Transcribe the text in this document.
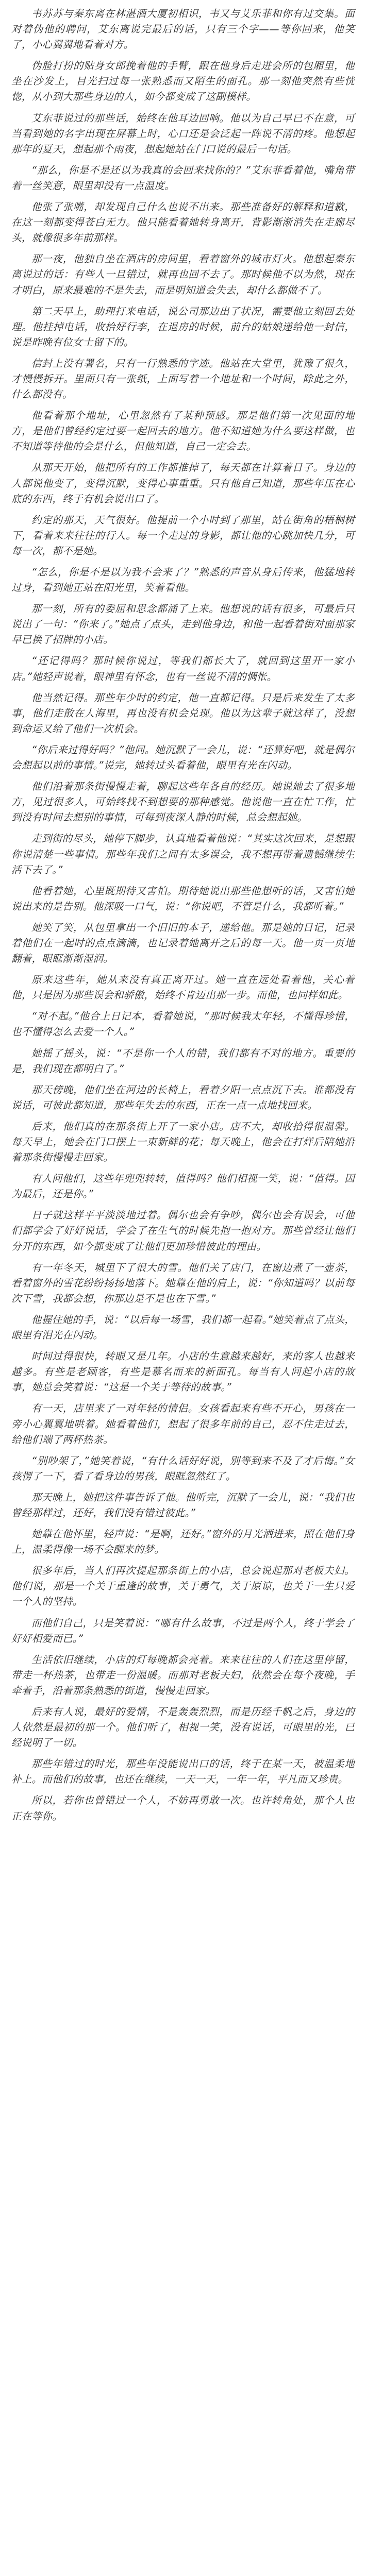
韦苏苏与秦东离在林湛酒大厦初相识，韦又与艾乐菲和你有过交集。面对着伪他的聘问，艾东离说完最后的话，只有三个字——等你回来，他笑了，小心翼翼地看着对方。

伪脸打扮的贴身女郎挽着他的手臂，跟在他身后走进会所的包厢里，他坐在沙发上，目光扫过每一张熟悉而又陌生的面孔。那一刻他突然有些恍惚，从小到大那些身边的人，如今都变成了这副模样。

艾东菲说过的那些话，始终在他耳边回响。他以为自己早已不在意，可当看到她的名字出现在屏幕上时，心口还是会泛起一阵说不清的疼。他想起那年的夏天，想起那个雨夜，想起她站在门口说的最后一句话。

“那么，你是不是还以为我真的会回来找你的？”艾东菲看着他，嘴角带着一丝笑意，眼里却没有一点温度。

他张了张嘴，却发现自己什么也说不出来。那些准备好的解释和道歉，在这一刻都变得苍白无力。他只能看着她转身离开，背影渐渐消失在走廊尽头，就像很多年前那样。

那一夜，他独自坐在酒店的房间里，看着窗外的城市灯火。他想起秦东离说过的话：有些人一旦错过，就再也回不去了。那时候他不以为然，现在才明白，原来最难的不是失去，而是明知道会失去，却什么都做不了。

第二天早上，助理打来电话，说公司那边出了状况，需要他立刻回去处理。他挂掉电话，收拾好行李，在退房的时候，前台的姑娘递给他一封信，说是昨晚有位女士留下的。

信封上没有署名，只有一行熟悉的字迹。他站在大堂里，犹豫了很久，才慢慢拆开。里面只有一张纸，上面写着一个地址和一个时间，除此之外，什么都没有。

他看着那个地址，心里忽然有了某种预感。那是他们第一次见面的地方，是他们曾经约定过要一起回去的地方。他不知道她为什么要这样做，也不知道等待他的会是什么，但他知道，自己一定会去。

从那天开始，他把所有的工作都推掉了，每天都在计算着日子。身边的人都说他变了，变得沉默，变得心事重重。只有他自己知道，那些年压在心底的东西，终于有机会说出口了。

约定的那天，天气很好。他提前一个小时到了那里，站在街角的梧桐树下，看着来来往往的行人。每一个走过的身影，都让他的心跳加快几分，可每一次，都不是她。

“怎么，你是不是以为我不会来了？”熟悉的声音从身后传来，他猛地转过身，看到她正站在阳光里，笑着看他。

那一刻，所有的委屈和思念都涌了上来。他想说的话有很多，可最后只说出了一句：“你来了。”她点了点头，走到他身边，和他一起看着街对面那家早已换了招牌的小店。

“还记得吗？那时候你说过，等我们都长大了，就回到这里开一家小店。”她轻声说着，眼神里有怀念，也有一丝说不清的惆怅。

他当然记得。那些年少时的约定，他一直都记得。只是后来发生了太多事，他们走散在人海里，再也没有机会兑现。他以为这辈子就这样了，没想到命运又给了他们一次机会。

“你后来过得好吗？”他问。她沉默了一会儿，说：“还算好吧，就是偶尔会想起以前的事情。”说完，她转过头看着他，眼里有光在闪动。

他们沿着那条街慢慢走着，聊起这些年各自的经历。她说她去了很多地方，见过很多人，可始终找不到想要的那种感觉。他说他一直在忙工作，忙到没有时间去想别的事情，可每到夜深人静的时候，总会想起她。

走到街的尽头，她停下脚步，认真地看着他说：“其实这次回来，是想跟你说清楚一些事情。那些年我们之间有太多误会，我不想再带着遗憾继续生活下去了。”

他看着她，心里既期待又害怕。期待她说出那些他想听的话，又害怕她说出来的是告别。他深吸一口气，说：“你说吧，不管是什么，我都听着。”

她笑了笑，从包里拿出一个旧旧的本子，递给他。那是她的日记，记录着他们在一起时的点点滴滴，也记录着她离开之后的每一天。他一页一页地翻着，眼眶渐渐湿润。

原来这些年，她从来没有真正离开过。她一直在远处看着他，关心着他，只是因为那些误会和骄傲，始终不肯迈出那一步。而他，也同样如此。

“对不起。”他合上日记本，看着她说，“那时候我太年轻，不懂得珍惜，也不懂得怎么去爱一个人。”

她摇了摇头，说：“不是你一个人的错，我们都有不对的地方。重要的是，我们现在都明白了。”

那天傍晚，他们坐在河边的长椅上，看着夕阳一点点沉下去。谁都没有说话，可彼此都知道，那些年失去的东西，正在一点一点地找回来。

后来，他们真的在那条街上开了一家小店。店不大，却收拾得很温馨。每天早上，她会在门口摆上一束新鲜的花；每天晚上，他会在打烊后陪她沿着那条街慢慢走回家。

有人问他们，这些年兜兜转转，值得吗？他们相视一笑，说：“值得。因为最后，还是你。”

日子就这样平平淡淡地过着。偶尔也会有争吵，偶尔也会有误会，可他们都学会了好好说话，学会了在生气的时候先抱一抱对方。那些曾经让他们分开的东西，如今都变成了让他们更加珍惜彼此的理由。

有一年冬天，城里下了很大的雪。他们关了店门，在窗边煮了一壶茶，看着窗外的雪花纷纷扬扬地落下。她靠在他的肩上，说：“你知道吗？以前每次下雪，我都会想，你那边是不是也在下雪。”

他握住她的手，说：“以后每一场雪，我们都一起看。”她笑着点了点头，眼里有泪光在闪动。

时间过得很快，转眼又是几年。小店的生意越来越好，来的客人也越来越多。有些是老顾客，有些是慕名而来的新面孔。每当有人问起小店的故事，她总会笑着说：“这是一个关于等待的故事。”

有一天，店里来了一对年轻的情侣。女孩看起来有些不开心，男孩在一旁小心翼翼地哄着。她看着他们，想起了很多年前的自己，忍不住走过去，给他们端了两杯热茶。

“别吵架了，”她笑着说，“有什么话好好说，别等到来不及了才后悔。”女孩愣了一下，看了看身边的男孩，眼眶忽然红了。

那天晚上，她把这件事告诉了他。他听完，沉默了一会儿，说：“我们也曾经那样过，还好，我们没有错过彼此。”

她靠在他怀里，轻声说：“是啊，还好。”窗外的月光洒进来，照在他们身上，温柔得像一场不会醒来的梦。

很多年后，当人们再次提起那条街上的小店，总会说起那对老板夫妇。他们说，那是一个关于重逢的故事，关于勇气，关于原谅，也关于一生只爱一个人的坚持。

而他们自己，只是笑着说：“哪有什么故事，不过是两个人，终于学会了好好相爱而已。”

生活依旧继续，小店的灯每晚都会亮着。来来往往的人们在这里停留，带走一杯热茶，也带走一份温暖。而那对老板夫妇，依然会在每个夜晚，手牵着手，沿着那条熟悉的街道，慢慢走回家。

后来有人说，最好的爱情，不是轰轰烈烈，而是历经千帆之后，身边的人依然是最初的那一个。他们听了，相视一笑，没有说话，可眼里的光，已经说明了一切。

那些年错过的时光，那些年没能说出口的话，终于在某一天，被温柔地补上。而他们的故事，也还在继续，一天一天，一年一年，平凡而又珍贵。

所以，若你也曾错过一个人，不妨再勇敢一次。也许转角处，那个人也正在等你。
